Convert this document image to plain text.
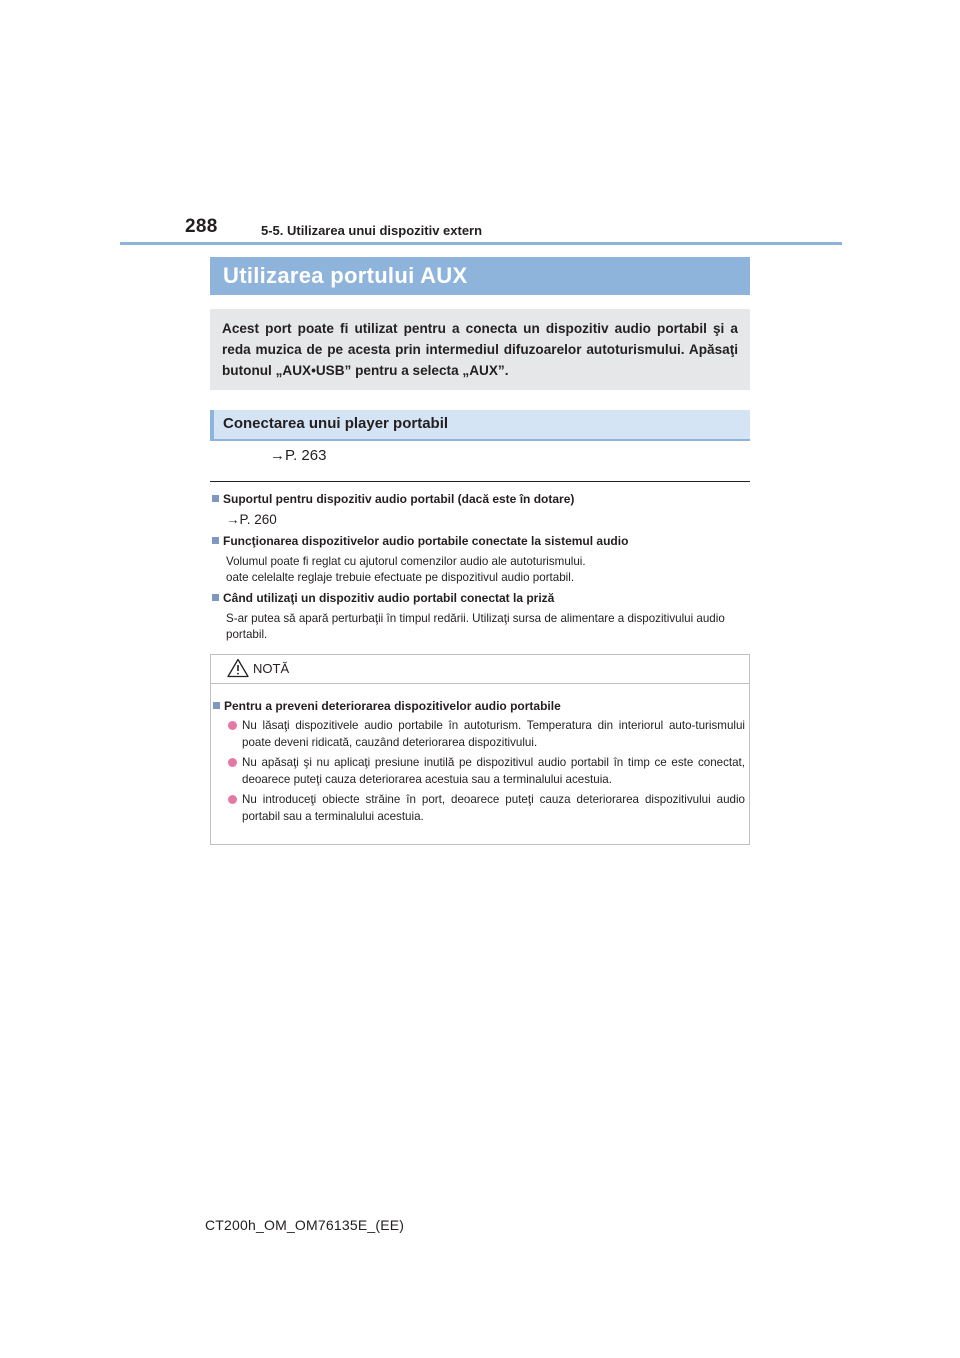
288	5-5. Utilizarea unui dispozitiv extern
Utilizarea portului AUX

Acest port poate fi utilizat pentru a conecta un dispozitiv audio portabil şi a reda muzica de pe acesta prin intermediul difuzoarelor autoturismului. Apăsaţi butonul „AUX•USB” pentru a selecta „AUX”.

Conectarea unui player portabil
→P. 263
Suportul pentru dispozitiv audio portabil (dacă este în dotare)
→P. 260
Funcţionarea dispozitivelor audio portabile conectate la sistemul audio
Volumul poate fi reglat cu ajutorul comenzilor audio ale autoturismului.
oate celelalte reglaje trebuie efectuate pe dispozitivul audio portabil.
Când utilizaţi un dispozitiv audio portabil conectat la priză
S-ar putea să apară perturbaţii în timpul redării. Utilizaţi sursa de alimentare a dispozitivului audio portabil.
NOTĂ
Pentru a preveni deteriorarea dispozitivelor audio portabile
Nu lăsaţi dispozitivele audio portabile în autoturism. Temperatura din interiorul auto-turismului poate deveni ridicată, cauzând deteriorarea dispozitivului.
Nu apăsaţi şi nu aplicaţi presiune inutilă pe dispozitivul audio portabil în timp ce este conectat, deoarece puteţi cauza deteriorarea acestuia sau a terminalului acestuia.
Nu introduceţi obiecte străine în port, deoarece puteţi cauza deteriorarea dispozitivului audio portabil sau a terminalului acestuia.
CT200h_OM_OM76135E_(EE)
